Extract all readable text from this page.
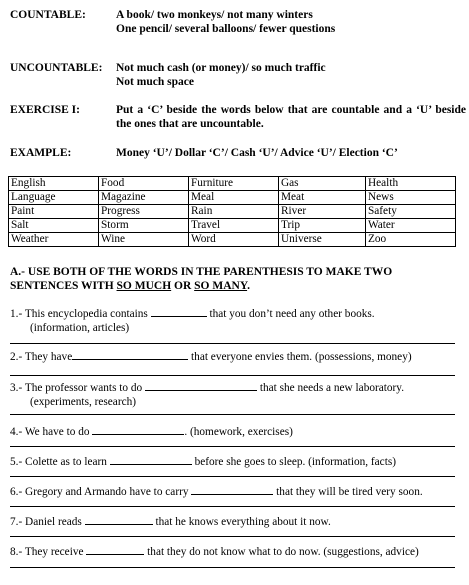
COUNTABLE:	A book/ two monkeys/ not many winters
One pencil/ several balloons/ fewer questions
UNCOUNTABLE: Not much cash (or money)/ so much traffic
Not much space
EXERCISE I:	Put a ‘C’ beside the words below that are countable and a ‘U’ beside the ones that are uncountable.
EXAMPLE:	Money ‘U’/ Dollar ‘C’/ Cash ‘U’/ Advice ‘U’/ Election ‘C’
English	Food	Furniture	Gas	Health
Language	Magazine	Meal	Meat	News
Paint	Progress	Rain	River	Safety
Salt	Storm	Travel	Trip	Water
Weather	Wine	Word	Universe	Zoo
A.- USE BOTH OF THE WORDS IN THE PARENTHESIS TO MAKE TWO SENTENCES WITH SO MUCH OR SO MANY.
1.- This encyclopedia contains	that you don’t need any other books.
(information, articles)
2.- They have	that everyone envies them. (possessions, money)
3.- The professor wants to do	that she needs a new laboratory.
(experiments, research)
4.- We have to do	. (homework, exercises)
5.- Colette as to learn	before she goes to sleep. (information, facts)
6.- Gregory and Armando have to carry	that they will be tired very soon.
7.- Daniel reads	that he knows everything about it now.
8.- They receive	that they do not know what to do now. (suggestions, advice)
